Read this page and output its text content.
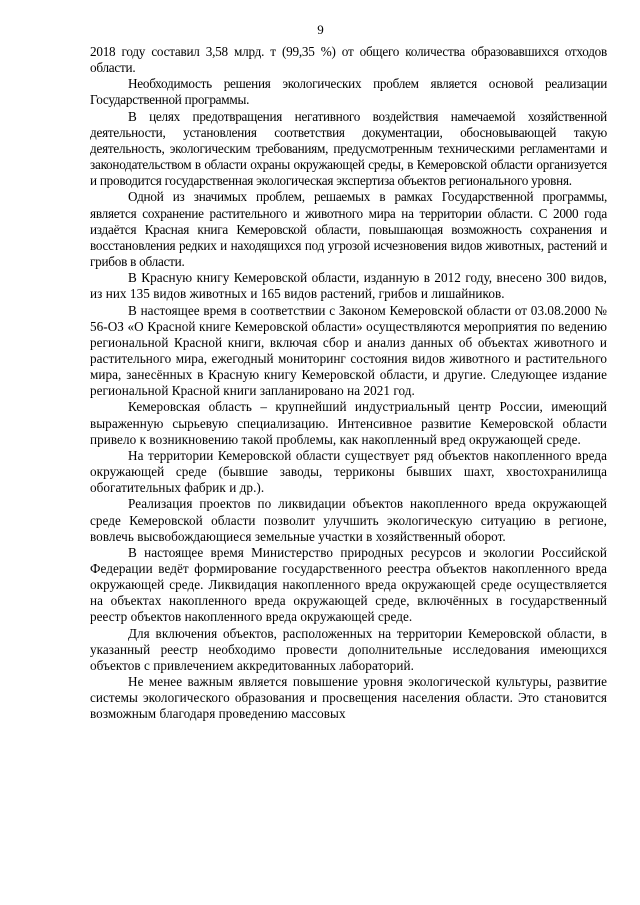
9

2018 году составил 3,58 млрд. т (99,35 %) от общего количества образовавшихся отходов области.

Необходимость решения экологических проблем является основой реализации Государственной программы.

В целях предотвращения негативного воздействия намечаемой хозяйственной деятельности, установления соответствия документации, обосновывающей такую деятельность, экологическим требованиям, предусмотренным техническими регламентами и законодательством в области охраны окружающей среды, в Кемеровской области организуется и проводится государственная экологическая экспертиза объектов регионального уровня.

Одной из значимых проблем, решаемых в рамках Государственной программы, является сохранение растительного и животного мира на территории области. С 2000 года издаётся Красная книга Кемеровской области, повышающая возможность сохранения и восстановления редких и находящихся под угрозой исчезновения видов животных, растений и грибов в области.

В Красную книгу Кемеровской области, изданную в 2012 году, внесено 300 видов, из них 135 видов животных и 165 видов растений, грибов и лишайников.

В настоящее время в соответствии с Законом Кемеровской области от 03.08.2000 № 56-ОЗ «О Красной книге Кемеровской области» осуществляются мероприятия по ведению региональной Красной книги, включая сбор и анализ данных об объектах животного и растительного мира, ежегодный мониторинг состояния видов животного и растительного мира, занесённых в Красную книгу Кемеровской области, и другие. Следующее издание региональной Красной книги запланировано на 2021 год.

Кемеровская область – крупнейший индустриальный центр России, имеющий выраженную сырьевую специализацию. Интенсивное развитие Кемеровской области привело к возникновению такой проблемы, как накопленный вред окружающей среде.

На территории Кемеровской области существует ряд объектов накопленного вреда окружающей среде (бывшие заводы, терриконы бывших шахт, хвостохранилища обогатительных фабрик и др.).

Реализация проектов по ликвидации объектов накопленного вреда окружающей среде Кемеровской области позволит улучшить экологическую ситуацию в регионе, вовлечь высвобождающиеся земельные участки в хозяйственный оборот.

В настоящее время Министерство природных ресурсов и экологии Российской Федерации ведёт формирование государственного реестра объектов накопленного вреда окружающей среде. Ликвидация накопленного вреда окружающей среде осуществляется на объектах накопленного вреда окружающей среде, включённых в государственный реестр объектов накопленного вреда окружающей среде.

Для включения объектов, расположенных на территории Кемеровской области, в указанный реестр необходимо провести дополнительные исследования имеющихся объектов с привлечением аккредитованных лабораторий.

Не менее важным является повышение уровня экологической культуры, развитие системы экологического образования и просвещения населения области. Это становится возможным благодаря проведению массовых
